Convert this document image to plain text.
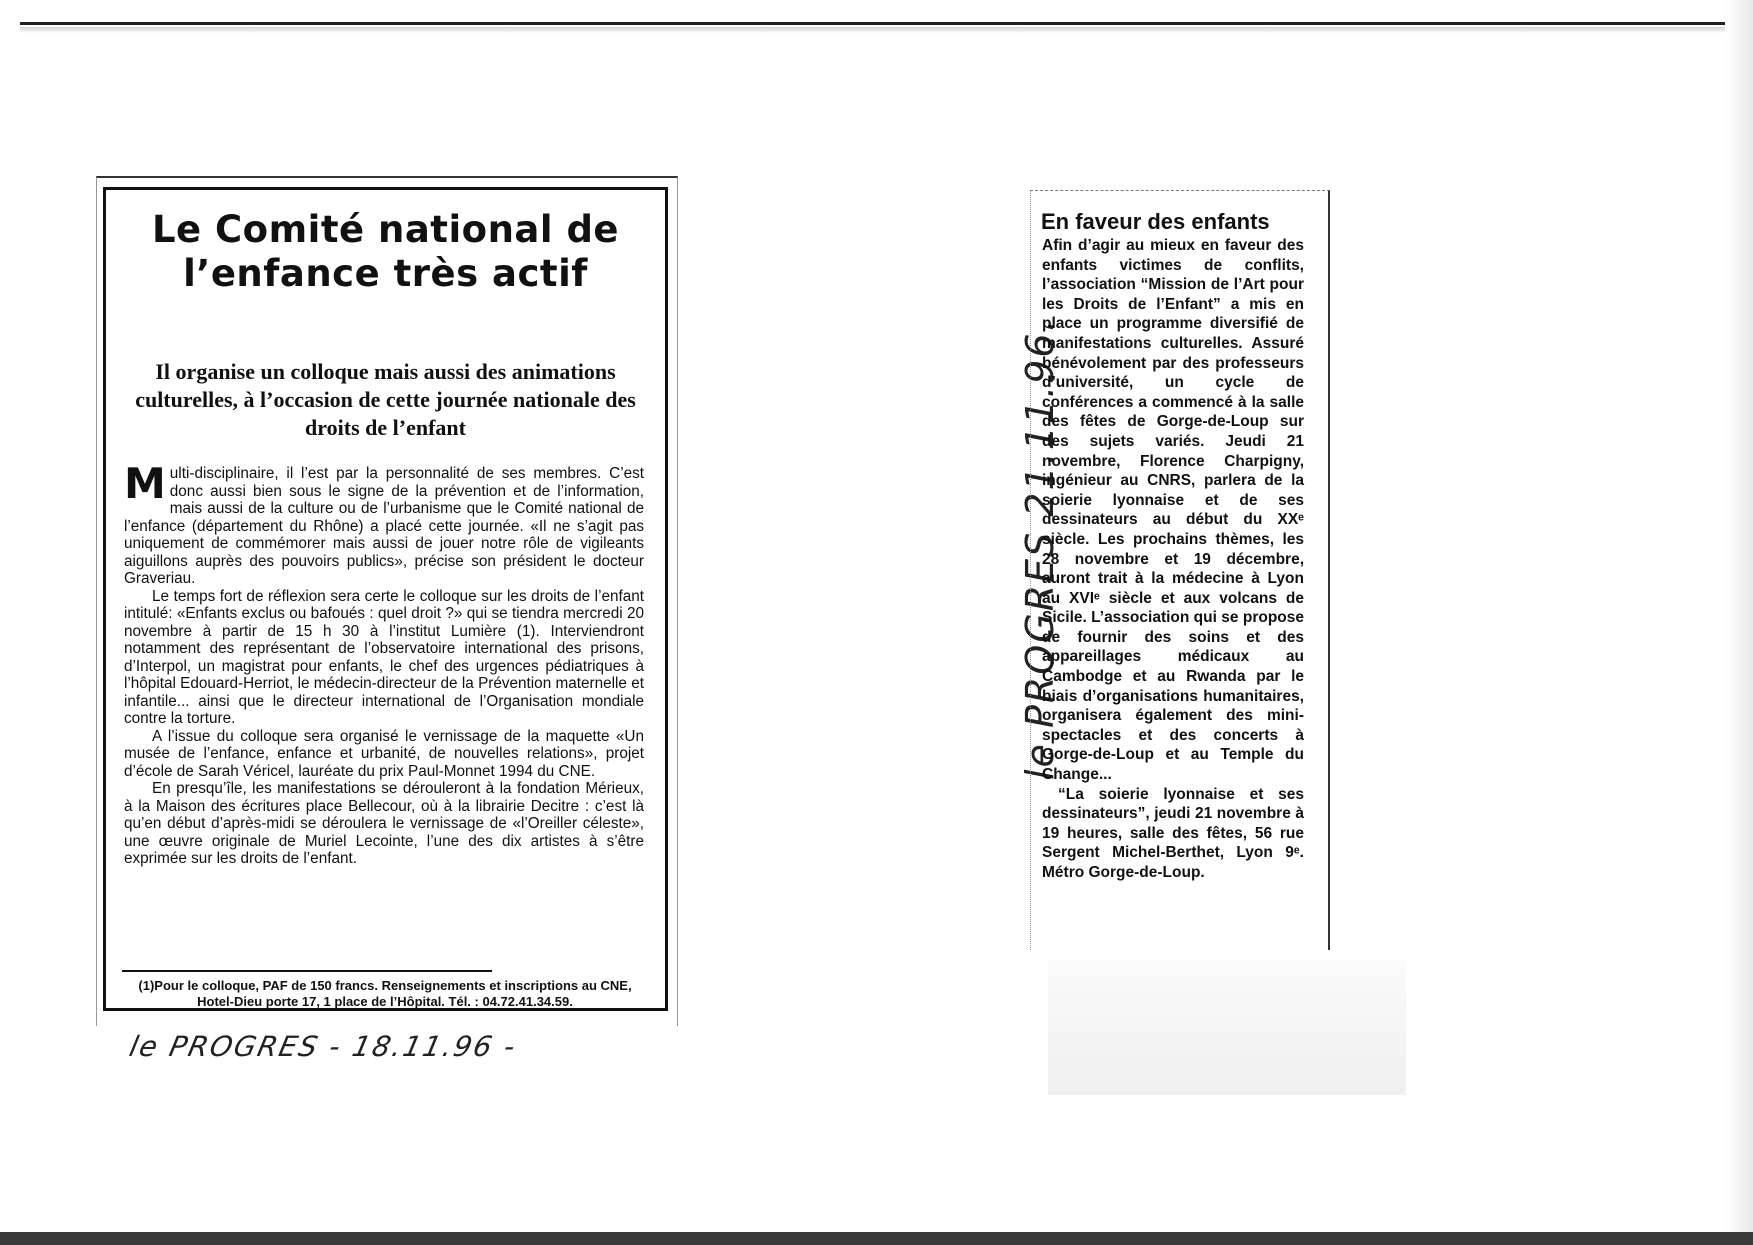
Le Comité national de l’enfance très actif
Il organise un colloque mais aussi des animations culturelles, à l’occasion de cette journée nationale des droits de l’enfant

Multi-disciplinaire, il l’est par la personnalité de ses membres. C’est donc aussi bien sous le signe de la prévention et de l’information, mais aussi de la culture ou de l’urbanisme que le Comité national de l’enfance (département du Rhône) a placé cette journée. «Il ne s’agit pas uniquement de commémorer mais aussi de jouer notre rôle de vigileants aiguillons auprès des pouvoirs publics», précise son président le docteur Graveriau.

Le temps fort de réflexion sera certe le colloque sur les droits de l’enfant intitulé: «Enfants exclus ou bafoués : quel droit ?» qui se tiendra mercredi 20 novembre à partir de 15 h 30 à l’institut Lumière (1). Interviendront notamment des représentant de l’observatoire international des prisons, d’Interpol, un magistrat pour enfants, le chef des urgences pédiatriques à l’hôpital Edouard-Herriot, le médecin-directeur de la Prévention maternelle et infantile... ainsi que le directeur international de l’Organisation mondiale contre la torture.

A l’issue du colloque sera organisé le vernissage de la maquette «Un musée de l’enfance, enfance et urbanité, de nouvelles relations», projet d’école de Sarah Véricel, lauréate du prix Paul-Monnet 1994 du CNE.

En presqu’île, les manifestations se dérouleront à la fondation Mérieux, à la Maison des écritures place Bellecour, où à la librairie Decitre : c’est là qu’en début d’après-midi se déroulera le vernissage de «l’Oreiller céleste», une œuvre originale de Muriel Lecointe, l’une des dix artistes à s’être exprimée sur les droits de l’enfant.

(1)Pour le colloque, PAF de 150 francs. Renseignements et inscriptions au CNE, Hotel-Dieu porte 17, 1 place de l’Hôpital. Tél. : 04.72.41.34.59.

le PROGRES - 18.11.96 -
le PROGRES 21.11.96.
En faveur des enfants

Afin d’agir au mieux en faveur des enfants victimes de conflits, l’association “Mission de l’Art pour les Droits de l’Enfant” a mis en place un programme diversifié de manifestations culturelles. Assuré bénévolement par des professeurs d’université, un cycle de conférences a commencé à la salle des fêtes de Gorge-de-Loup sur des sujets variés. Jeudi 21 novembre, Florence Charpigny, ingénieur au CNRS, parlera de la soierie lyonnaise et de ses dessinateurs au début du XXᵉ siècle. Les prochains thèmes, les 28 novembre et 19 décembre, auront trait à la médecine à Lyon au XVIᵉ siècle et aux volcans de Sicile. L’association qui se propose de fournir des soins et des appareillages médicaux au Cambodge et au Rwanda par le biais d’organisations humanitaires, organisera également des mini-spectacles et des concerts à Gorge-de-Loup et au Temple du Change...

“La soierie lyonnaise et ses dessinateurs”, jeudi 21 novembre à 19 heures, salle des fêtes, 56 rue Sergent Michel-Berthet, Lyon 9ᵉ. Métro Gorge-de-Loup.
